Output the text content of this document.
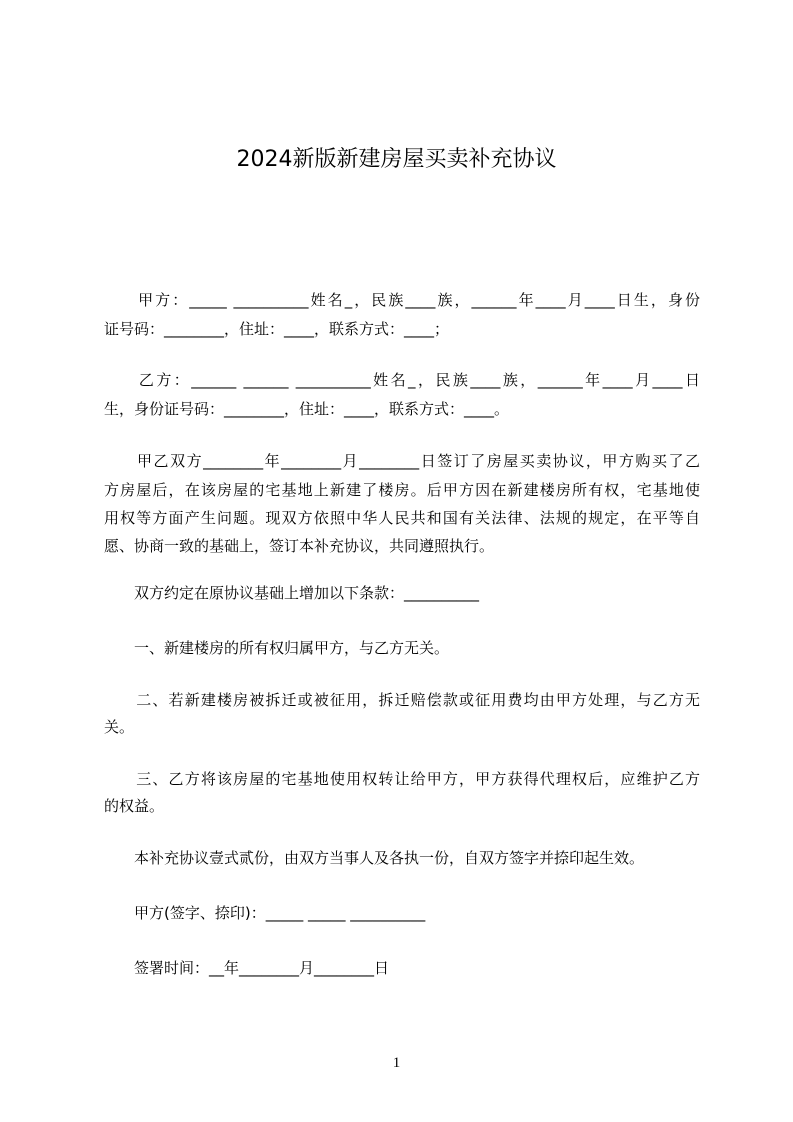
2024新版新建房屋买卖补充协议
　　甲方：_____ __________姓名_，民族____族，______年____月____日生，身份
证号码：________，住址：____，联系方式：____；
　　乙方：______ ______ __________姓名_，民族____族，______年____月____日
生，身份证号码：________，住址：____，联系方式：____。
　　甲乙双方________年________月________日签订了房屋买卖协议，甲方购买了乙
方房屋后，在该房屋的宅基地上新建了楼房。后甲方因在新建楼房所有权，宅基地使
用权等方面产生问题。现双方依照中华人民共和国有关法律、法规的规定，在平等自
愿、协商一致的基础上，签订本补充协议，共同遵照执行。
　　双方约定在原协议基础上增加以下条款：__________
　　一、新建楼房的所有权归属甲方，与乙方无关。
　　二、若新建楼房被拆迁或被征用，拆迁赔偿款或征用费均由甲方处理，与乙方无
关。
　　三、乙方将该房屋的宅基地使用权转让给甲方，甲方获得代理权后，应维护乙方
的权益。
　　本补充协议壹式贰份，由双方当事人及各执一份，自双方签字并捺印起生效。
　　甲方(签字、捺印)：_____ _____ __________
　　签署时间：__年________月________日
1
